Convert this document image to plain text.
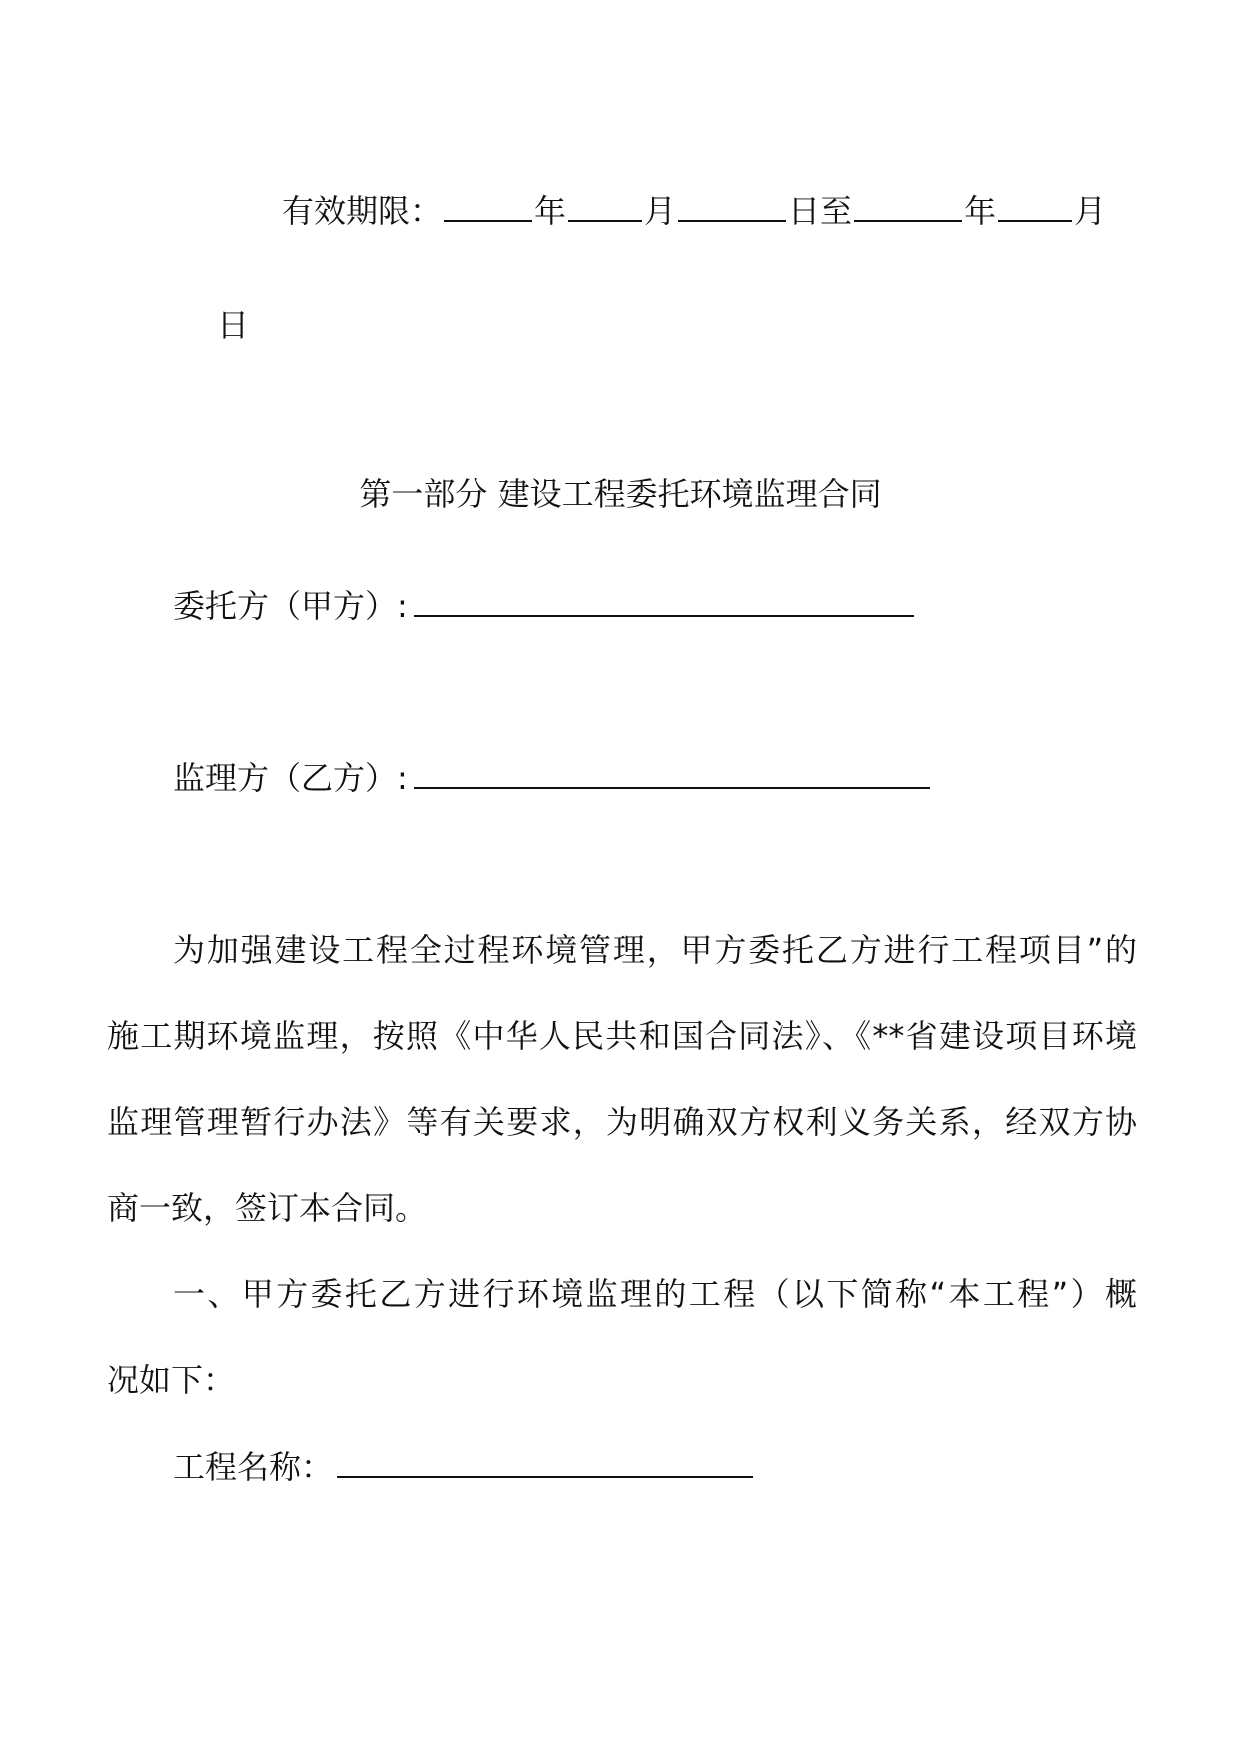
有效期限：	年 月	日至	年 月
日
第一部分 建设工程委托环境监理合同
委托方（甲方）:
监理方（乙方）:
为加强建设工程全过程环境管理，甲方委托乙方进行工程项目”的
施工期环境监理，按照《中华人民共和国合同法》、《**省建设项目环境
监理管理暂行办法》等有关要求，为明确双方权利义务关系，经双方协
商一致，签订本合同。
一、甲方委托乙方进行环境监理的工程（以下简称“本工程”）概
况如下：
工程名称：
